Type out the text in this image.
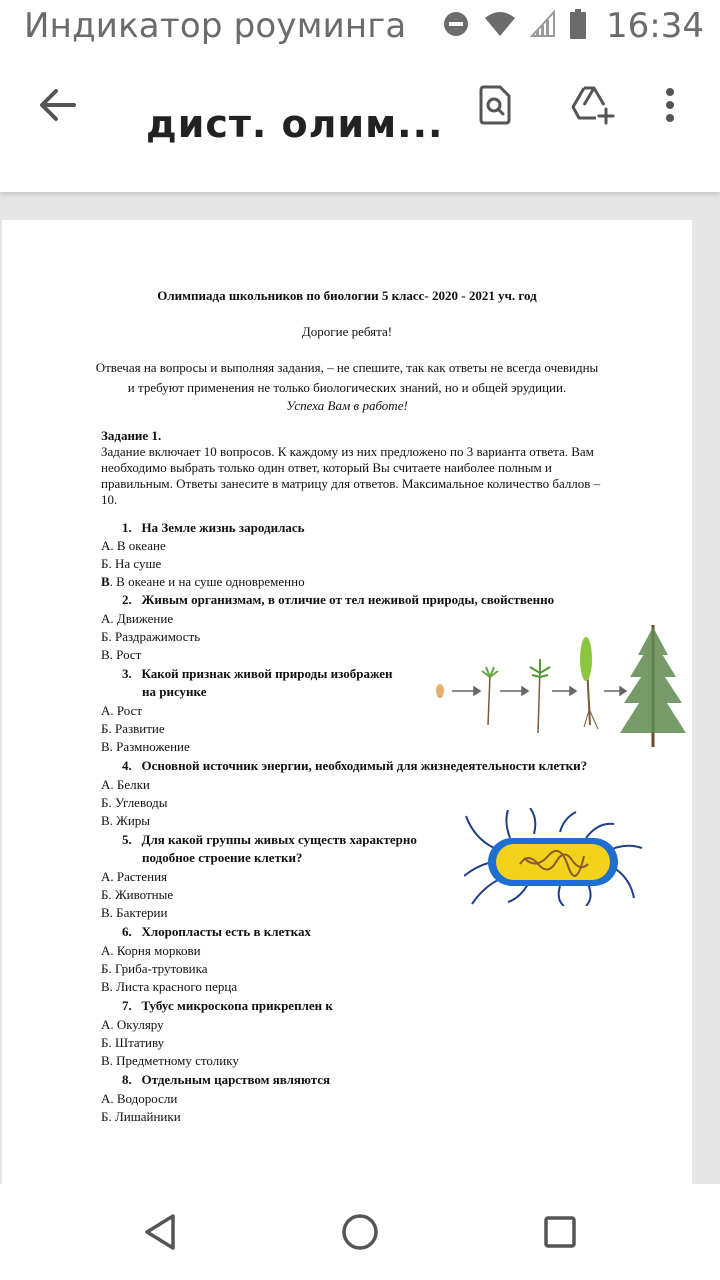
Индикатор роуминга	16:34
дист. олим...
Олимпиада школьников по биологии 5 класс- 2020 - 2021 уч. год
Дорогие ребята!
Отвечая на вопросы и выполняя задания, – не спешите, так как ответы не всегда очевидны
и требуют применения не только биологических знаний, но и общей эрудиции.
Успеха Вам в работе!
Задание 1.
Задание включает 10 вопросов. К каждому из них предложено по 3 варианта ответа. Вам
необходимо выбрать только один ответ, который Вы считаете наиболее полным и
правильным. Ответы занесите в матрицу для ответов. Максимальное количество баллов –
10.
1. На Земле жизнь зародилась
А. В океане
Б. На суше
В. В океане и на суше одновременно
2. Живым организмам, в отличие от тел неживой природы, свойственно
А. Движение
Б. Раздражимость
В. Рост
3. Какой признак живой природы изображен
на рисунке
А. Рост
Б. Развитие
В. Размножение
4. Основной источник энергии, необходимый для жизнедеятельности клетки?
А. Белки
Б. Углеводы
В. Жиры
5. Для какой группы живых существ характерно
подобное строение клетки?
А. Растения
Б. Животные
В. Бактерии
6. Хлоропласты есть в клетках
А. Корня моркови
Б. Гриба-трутовика
В. Листа красного перца
7. Тубус микроскопа прикреплен к
А. Окуляру
Б. Штативу
В. Предметному столику
8. Отдельным царством являются
А. Водоросли
Б. Лишайники
